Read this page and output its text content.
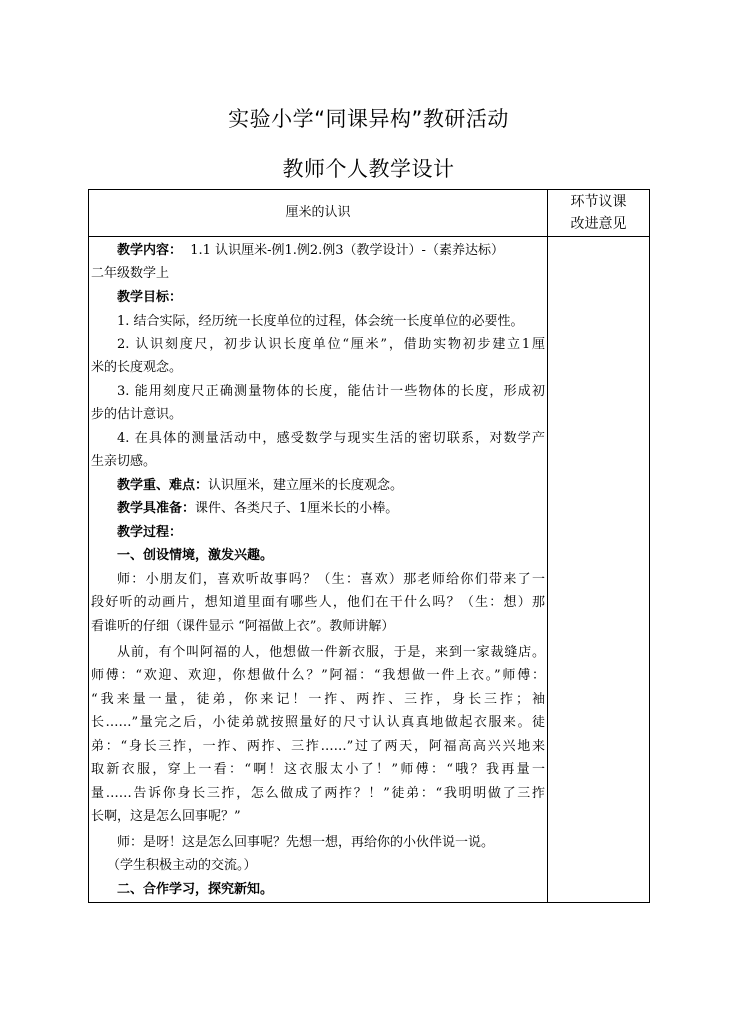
实验小学“同课异构”教研活动
教师个人教学设计
厘米的认识
环节议课
改进意见
教学内容： 1.1 认识厘米-例1.例2.例3（教学设计）-（素养达标）
二年级数学上
教学目标：
1. 结合实际，经历统一长度单位的过程，体会统一长度单位的必要性。
2. 认识刻度尺，初步认识长度单位“厘米”，借助实物初步建立1厘
米的长度观念。
3. 能用刻度尺正确测量物体的长度，能估计一些物体的长度，形成初
步的估计意识。
4. 在具体的测量活动中，感受数学与现实生活的密切联系，对数学产
生亲切感。
教学重、难点：认识厘米，建立厘米的长度观念。
教学具准备：课件、各类尺子、1厘米长的小棒。
教学过程：
一、创设情境，激发兴趣。
师：小朋友们，喜欢听故事吗？（生：喜欢）那老师给你们带来了一
段好听的动画片，想知道里面有哪些人，他们在干什么吗？（生：想）那
看谁听的仔细（课件显示 “阿福做上衣”。教师讲解）
从前，有个叫阿福的人，他想做一件新衣服，于是，来到一家裁缝店。
师傅：“欢迎、欢迎，你想做什么？”阿福：“我想做一件上衣。”师傅：
“我来量一量，徒弟，你来记！一拃、两拃、三拃，身长三拃；袖
长……”量完之后，小徒弟就按照量好的尺寸认认真真地做起衣服来。徒
弟：“身长三拃，一拃、两拃、三拃……”过了两天，阿福高高兴兴地来
取新衣服，穿上一看：“啊！这衣服太小了！”师傅：“哦？我再量一
量……告诉你身长三拃，怎么做成了两拃？！”徒弟：“我明明做了三拃
长啊，这是怎么回事呢？”
师：是呀！这是怎么回事呢？先想一想，再给你的小伙伴说一说。
（学生积极主动的交流。）
二、合作学习，探究新知。
